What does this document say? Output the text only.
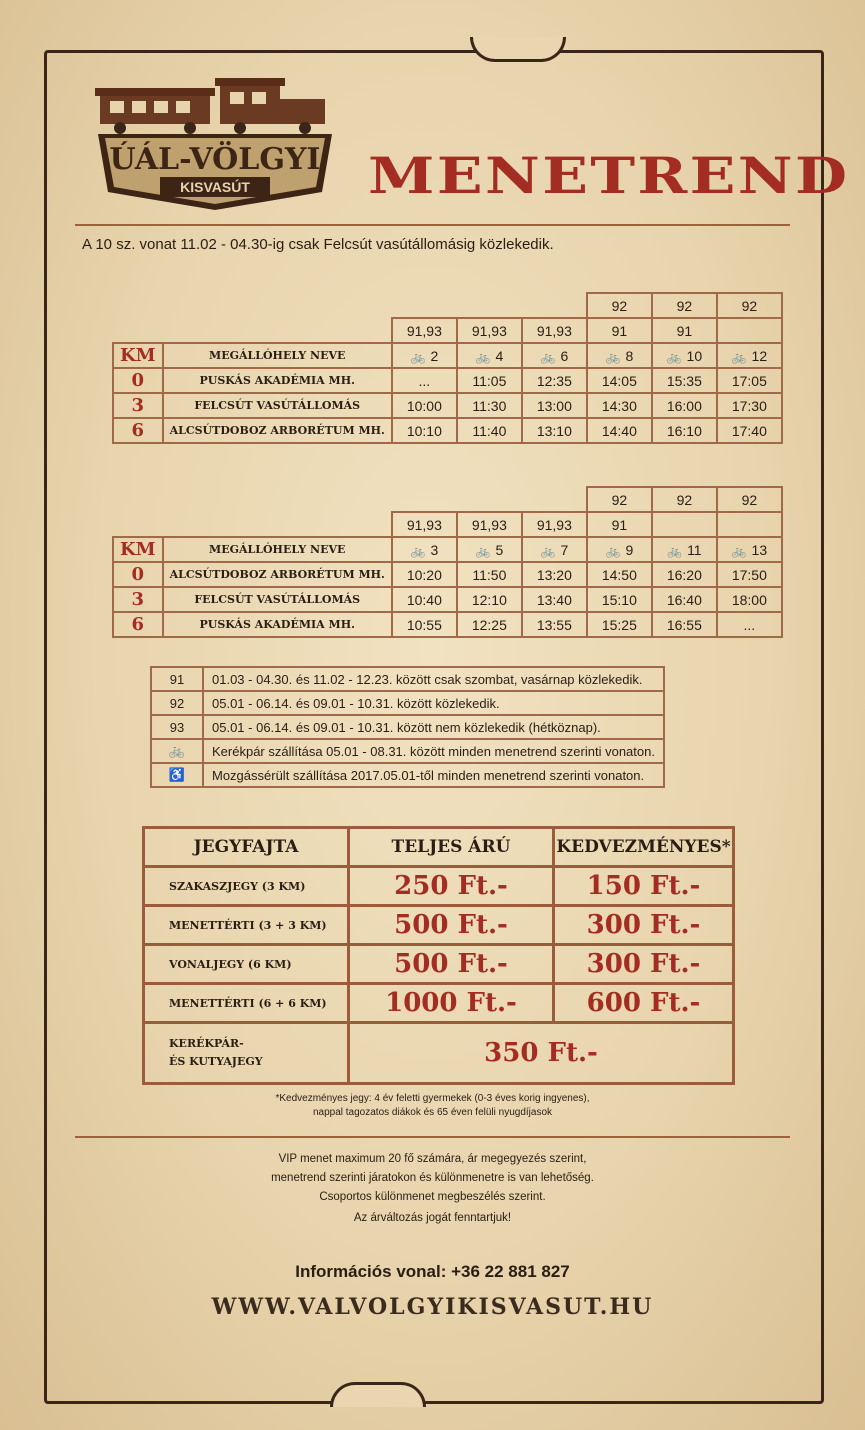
ÚÁL-VÖLGYI
KISVASÚT MENETREND
A 10 sz. vonat 11.02 - 04.30-ig csak Felcsút vasútállomásig közlekedik.
					92	92	92
		91,93	91,93	91,93	91	91	
KM	MEGÁLLÓHELY NEVE	🚲 2	🚲 4	🚲 6	🚲 8	🚲 10	🚲 12
0	PUSKÁS AKADÉMIA MH.	...	11:05	12:35	14:05	15:35	17:05
3	FELCSÚT VASÚTÁLLOMÁS	10:00	11:30	13:00	14:30	16:00	17:30
6	ALCSÚTDOBOZ ARBORÉTUM MH.	10:10	11:40	13:10	14:40	16:10	17:40
					92	92	92
		91,93	91,93	91,93	91		
KM	MEGÁLLÓHELY NEVE	🚲 3	🚲 5	🚲 7	🚲 9	🚲 11	🚲 13
0	ALCSÚTDOBOZ ARBORÉTUM MH.	10:20	11:50	13:20	14:50	16:20	17:50
3	FELCSÚT VASÚTÁLLOMÁS	10:40	12:10	13:40	15:10	16:40	18:00
6	PUSKÁS AKADÉMIA MH.	10:55	12:25	13:55	15:25	16:55	...
91	01.03 - 04.30. és 11.02 - 12.23. között csak szombat, vasárnap közlekedik.
92	05.01 - 06.14. és 09.01 - 10.31. között közlekedik.
93	05.01 - 06.14. és 09.01 - 10.31. között nem közlekedik (hétköznap).
🚲	Kerékpár szállítása 05.01 - 08.31. között minden menetrend szerinti vonaton.
♿	Mozgássérült szállítása 2017.05.01-től minden menetrend szerinti vonaton.
JEGYFAJTA	TELJES ÁRÚ	KEDVEZMÉNYES*
SZAKASZJEGY (3 KM)	250 Ft.-	150 Ft.-
MENETTÉRTI (3 + 3 KM)	500 Ft.-	300 Ft.-
VONALJEGY (6 KM)	500 Ft.-	300 Ft.-
MENETTÉRTI (6 + 6 KM)	1000 Ft.-	600 Ft.-
KERÉKPÁR-
ÉS KUTYAJEGY	350 Ft.-	
*Kedvezményes jegy: 4 év feletti gyermekek (0-3 éves korig ingyenes),
nappal tagozatos diákok és 65 éven felüli nyugdíjasok
VIP menet maximum 20 fő számára, ár megegyezés szerint,
menetrend szerinti járatokon és különmenetre is van lehetőség.
Csoportos különmenet megbeszélés szerint.
Az árváltozás jogát fenntartjuk!
Információs vonal: +36 22 881 827
WWW.VALVOLGYIKISVASUT.HU
